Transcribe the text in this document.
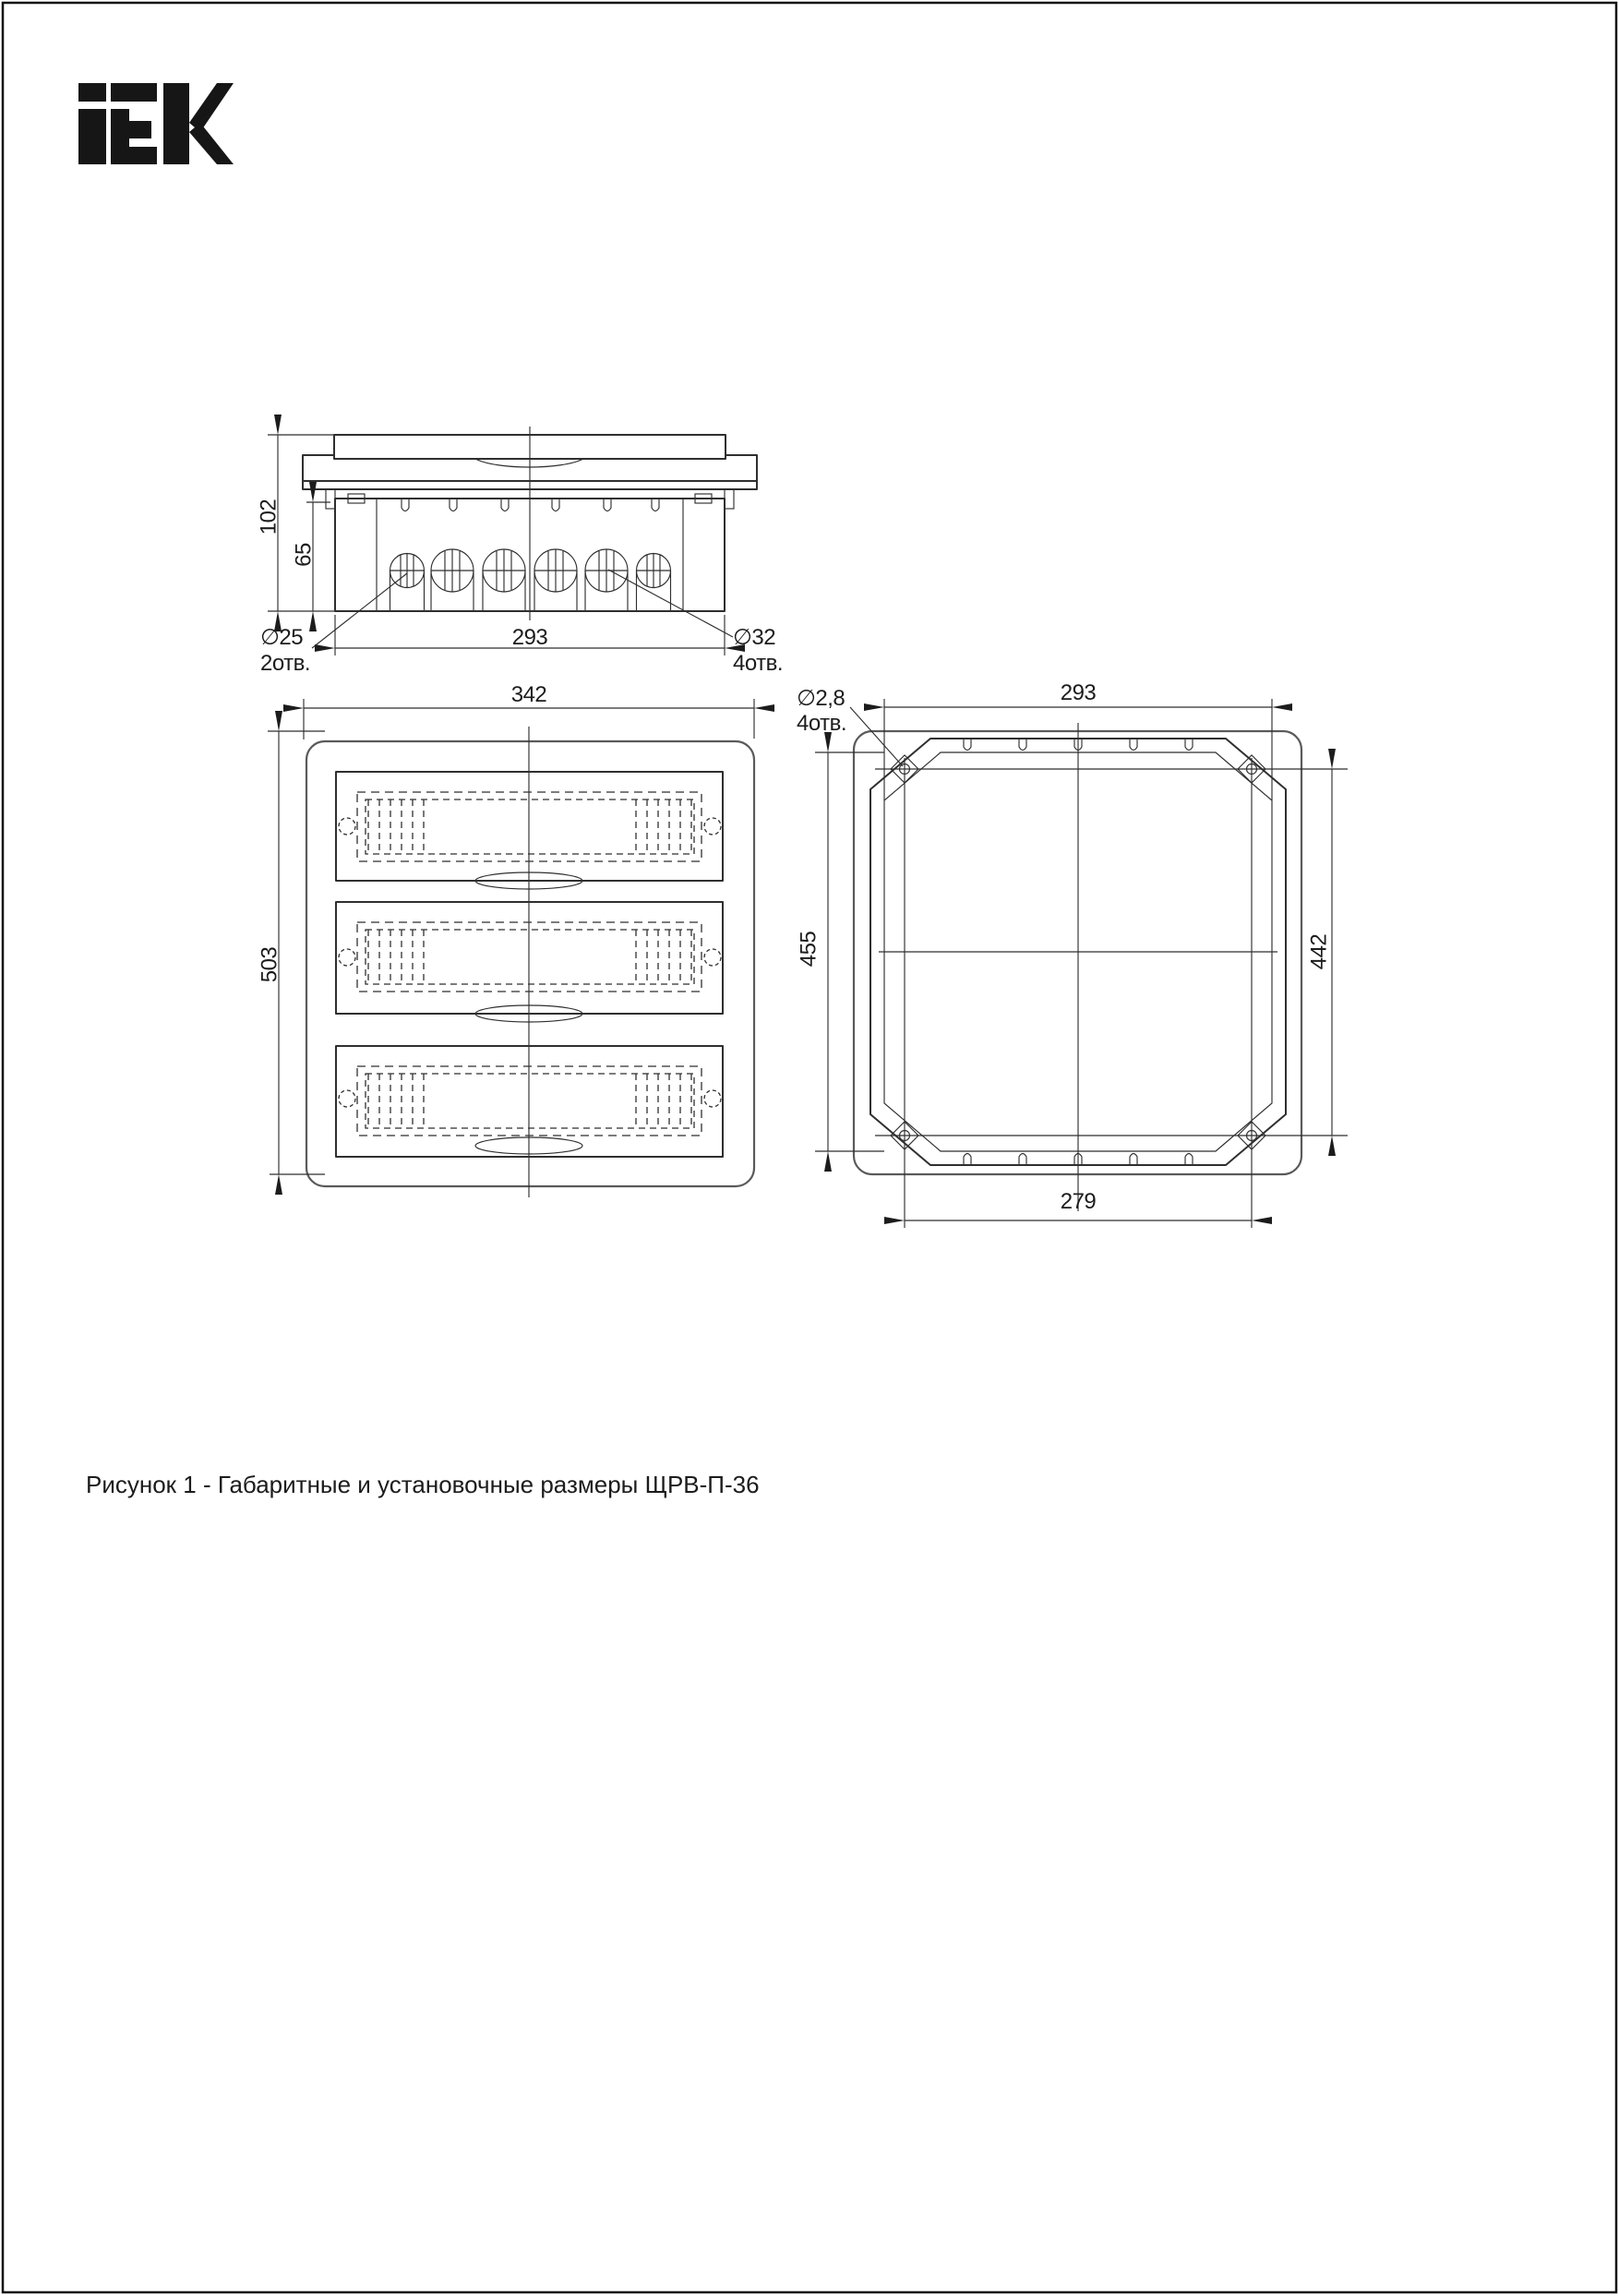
102
65
293
∅25
2отв.
∅32
4отв.
342
503
293
279
455	442
∅2,8
4отв.
Рисунок 1 - Габаритные и установочные размеры ЩРВ-П-36
